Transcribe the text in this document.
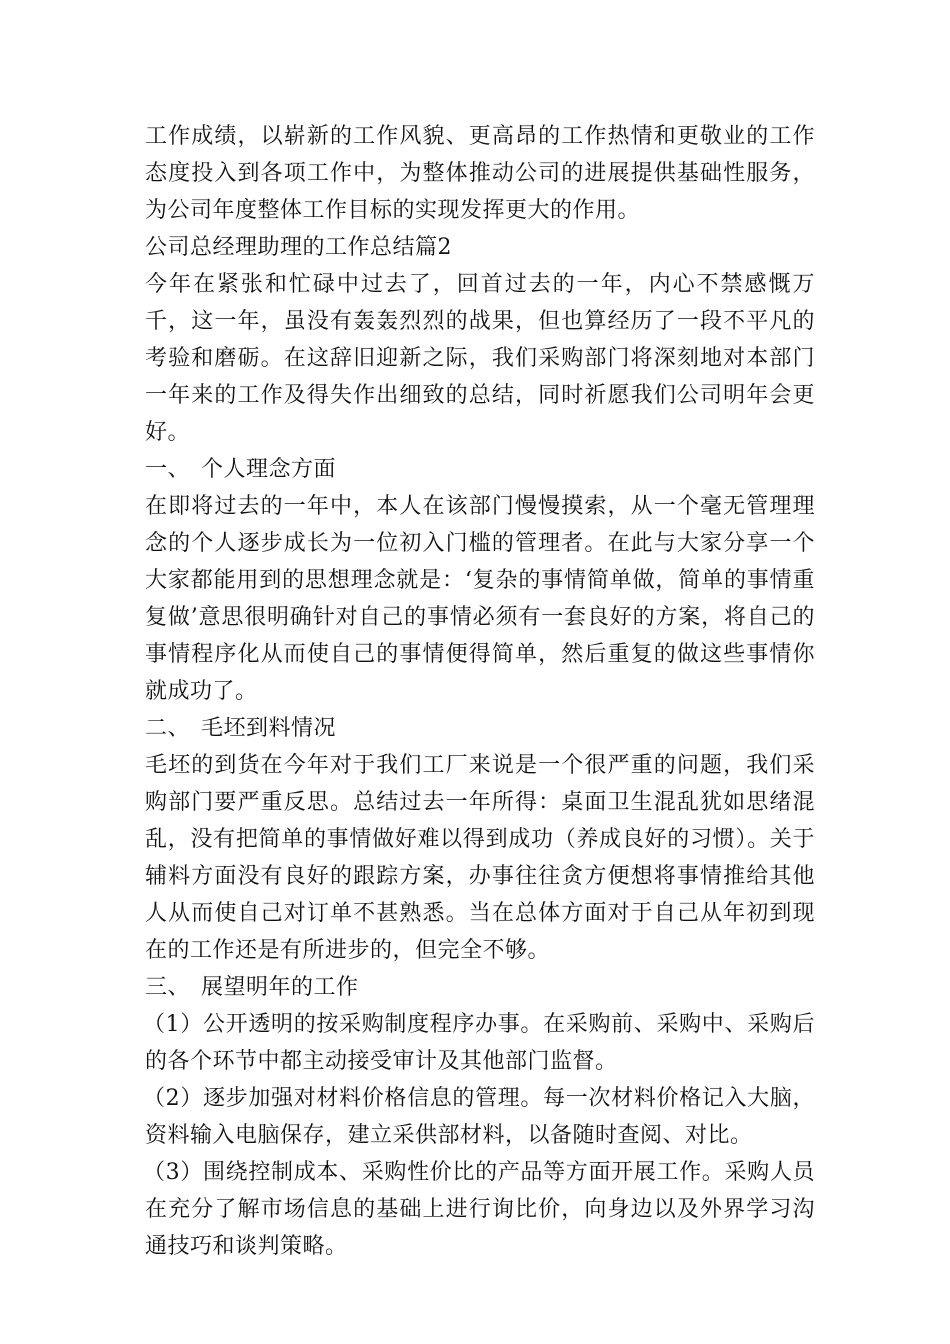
工作成绩，以崭新的工作风貌、更高昂的工作热情和更敬业的工作态度投入到各项工作中，为整体推动公司的进展提供基础性服务，为公司年度整体工作目标的实现发挥更大的作用。

公司总经理助理的工作总结篇2

今年在紧张和忙碌中过去了，回首过去的一年，内心不禁感慨万千，这一年，虽没有轰轰烈烈的战果，但也算经历了一段不平凡的考验和磨砺。在这辞旧迎新之际，我们采购部门将深刻地对本部门一年来的工作及得失作出细致的总结，同时祈愿我们公司明年会更好。

一、 个人理念方面

在即将过去的一年中，本人在该部门慢慢摸索，从一个毫无管理理念的个人逐步成长为一位初入门槛的管理者。在此与大家分享一个大家都能用到的思想理念就是：‘复杂的事情简单做，简单的事情重复做’意思很明确针对自己的事情必须有一套良好的方案，将自己的事情程序化从而使自己的事情便得简单，然后重复的做这些事情你就成功了。

二、 毛坯到料情况

毛坯的到货在今年对于我们工厂来说是一个很严重的问题，我们采购部门要严重反思。总结过去一年所得：桌面卫生混乱犹如思绪混乱，没有把简单的事情做好难以得到成功（养成良好的习惯）。关于辅料方面没有良好的跟踪方案，办事往往贪方便想将事情推给其他人从而使自己对订单不甚熟悉。当在总体方面对于自己从年初到现在的工作还是有所进步的，但完全不够。

三、 展望明年的工作

（1）公开透明的按采购制度程序办事。在采购前、采购中、采购后的各个环节中都主动接受审计及其他部门监督。

（2）逐步加强对材料价格信息的管理。每一次材料价格记入大脑，资料输入电脑保存，建立采供部材料，以备随时查阅、对比。

（3）围绕控制成本、采购性价比的产品等方面开展工作。采购人员在充分了解市场信息的基础上进行询比价，向身边以及外界学习沟通技巧和谈判策略。
